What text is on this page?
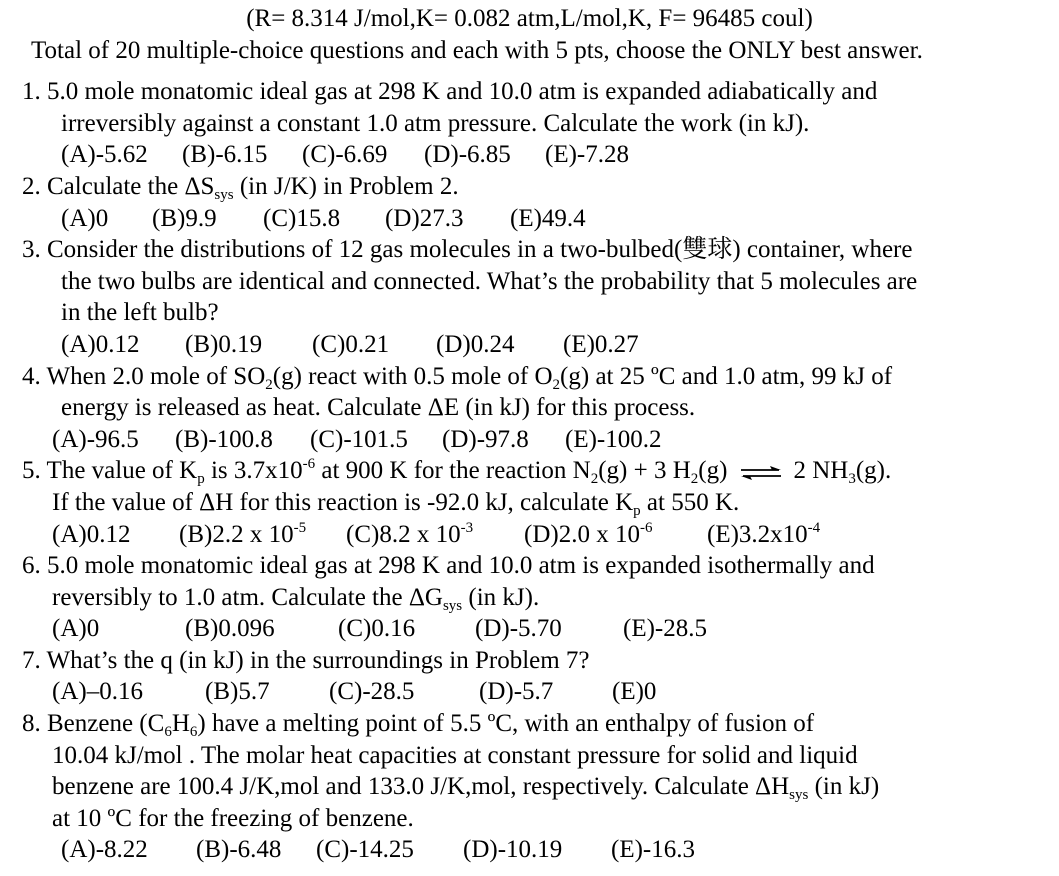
(R= 8.314 J/mol,K= 0.082 atm,L/mol,K, F= 96485 coul)
Total of 20 multiple-choice questions and each with 5 pts, choose the ONLY best answer.
1. 5.0 mole monatomic ideal gas at 298 K and 10.0 atm is expanded adiabatically and
irreversibly against a constant 1.0 atm pressure. Calculate the work (in kJ).
(A)-5.62 (B)-6.15 (C)-6.69 (D)-6.85 (E)-7.28
2. Calculate the $\Delta S_{sys}$ (in J/K) in Problem 2.
(A)0 (B)9.9 (C)15.8 (D)27.3 (E)49.4
3. Consider the distributions of 12 gas molecules in a two-bulbed(雙球) container, where
the two bulbs are identical and connected. What’s the probability that 5 molecules are
in the left bulb?
(A)0.12 (B)0.19 (C)0.21 (D)0.24 (E)0.27
4. When 2.0 mole of $SO_2(g)$ react with 0.5 mole of $O_2(g)$ at 25 ºC and 1.0 atm, 99 kJ of
energy is released as heat. Calculate ΔE (in kJ) for this process.
(A)-96.5 (B)-100.8 (C)-101.5 (D)-97.8 (E)-100.2
5. The value of $K_p$ is $3.7x10^{-6}$ at 900 K for the reaction $N_2(g) + 3$ $H_2(g)$ ⇌ 2 $NH_3(g)$.
If the value of ΔH for this reaction is -92.0 kJ, calculate $K_p$ at 550 K.
(A)0.12 (B)2.2 x $10^{-5}$ (C)8.2 x $10^{-3}$ (D)2.0 x $10^{-6}$ $(E)3.2x10^{-4}$
6. 5.0 mole monatomic ideal gas at 298 K and 10.0 atm is expanded isothermally and
reversibly to 1.0 atm. Calculate the $\Delta G_{sys}$ (in kJ).
(A)0	(B)0.096	(C)0.16 (D)-5.70 (E)-28.5
7. What’s the q (in kJ) in the surroundings in Problem 7?
(A)–0.16 (B)5.7 (C)-28.5	(D)-5.7 (E)0
8. Benzene $(C_6H_6)$ have a melting point of 5.5 ºC, with an enthalpy of fusion of
10.04 kJ/mol . The molar heat capacities at constant pressure for solid and liquid
benzene are 100.4 J/K,mol and 133.0 J/K,mol, respectively. Calculate $\Delta H_{sys}$ (in kJ)
at 10 ºC for the freezing of benzene.
(A)-8.22 (B)-6.48 (C)-14.25 (D)-10.19 (E)-16.3
